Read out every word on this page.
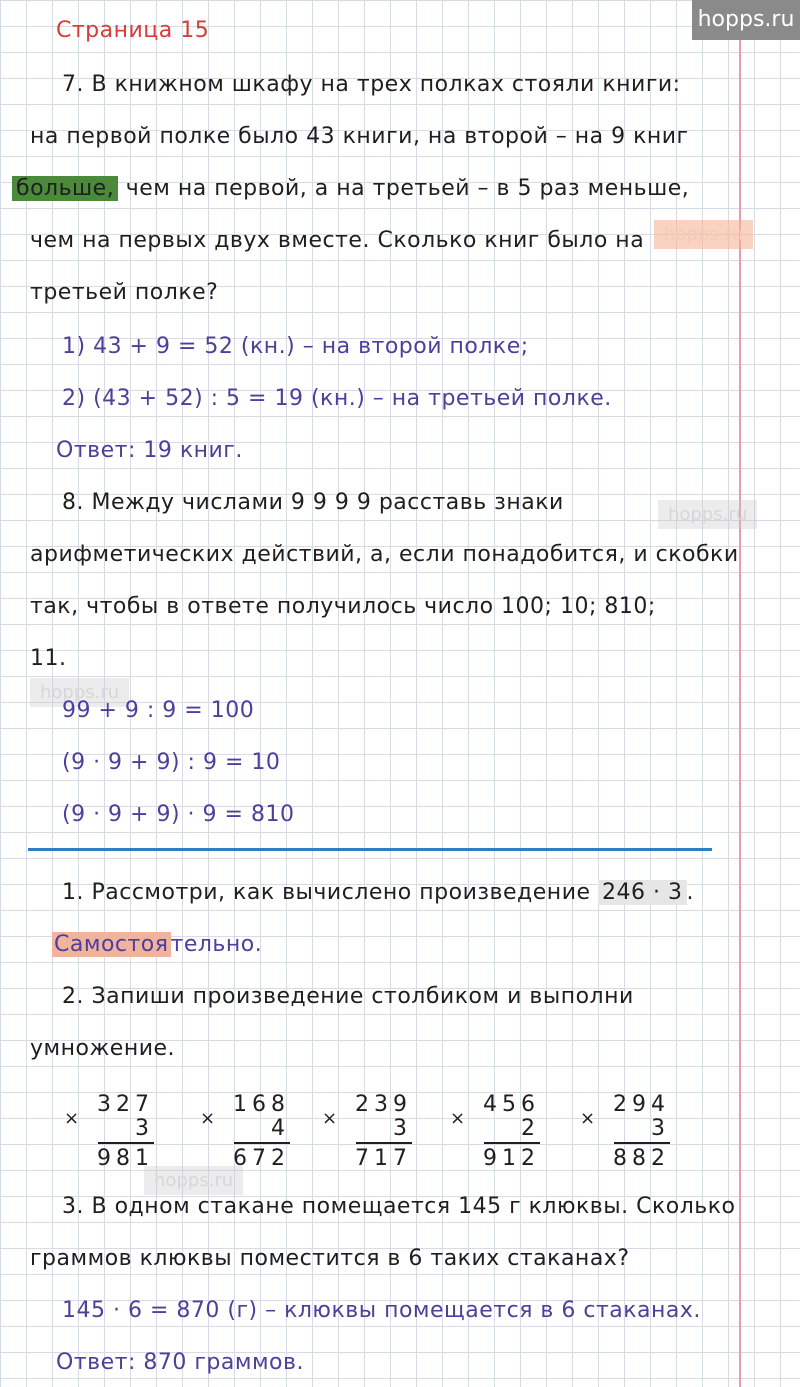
hopps.ru
hopps.ru
hopps.ru
hopps.ru
hopps.ru
Страница 15
7. В книжном шкафу на трех полках стояли книги:
на первой полке было 43 книги, на второй – на 9 книг
больше, чем на первой, а на третьей – в 5 раз меньше,
чем на первых двух вместе. Сколько книг было на
третьей полке?
1) 43 + 9 = 52 (кн.) – на второй полке;
2) (43 + 52) : 5 = 19 (кн.) – на третьей полке.
Ответ: 19 книг.
8. Между числами 9 9 9 9 расставь знаки
арифметических действий, а, если понадобится, и скобки
так, чтобы в ответе получилось число 100; 10; 810;
11.
99 + 9 : 9 = 100
(9 · 9 + 9) : 9 = 10
(9 · 9 + 9) · 9 = 810
1. Рассмотри, как вычислено произведение 246 · 3 .
Самостоятельно.
2. Запиши произведение столбиком и выполни
умножение.
×
327
3
981
×
168
4
672
×
239
3
717
×
456
2
912
×
294
3
882
3. В одном стакане помещается 145 г клюквы. Сколько
граммов клюквы поместится в 6 таких стаканах?
145 · 6 = 870 (г) – клюквы помещается в 6 стаканах.
Ответ: 870 граммов.
